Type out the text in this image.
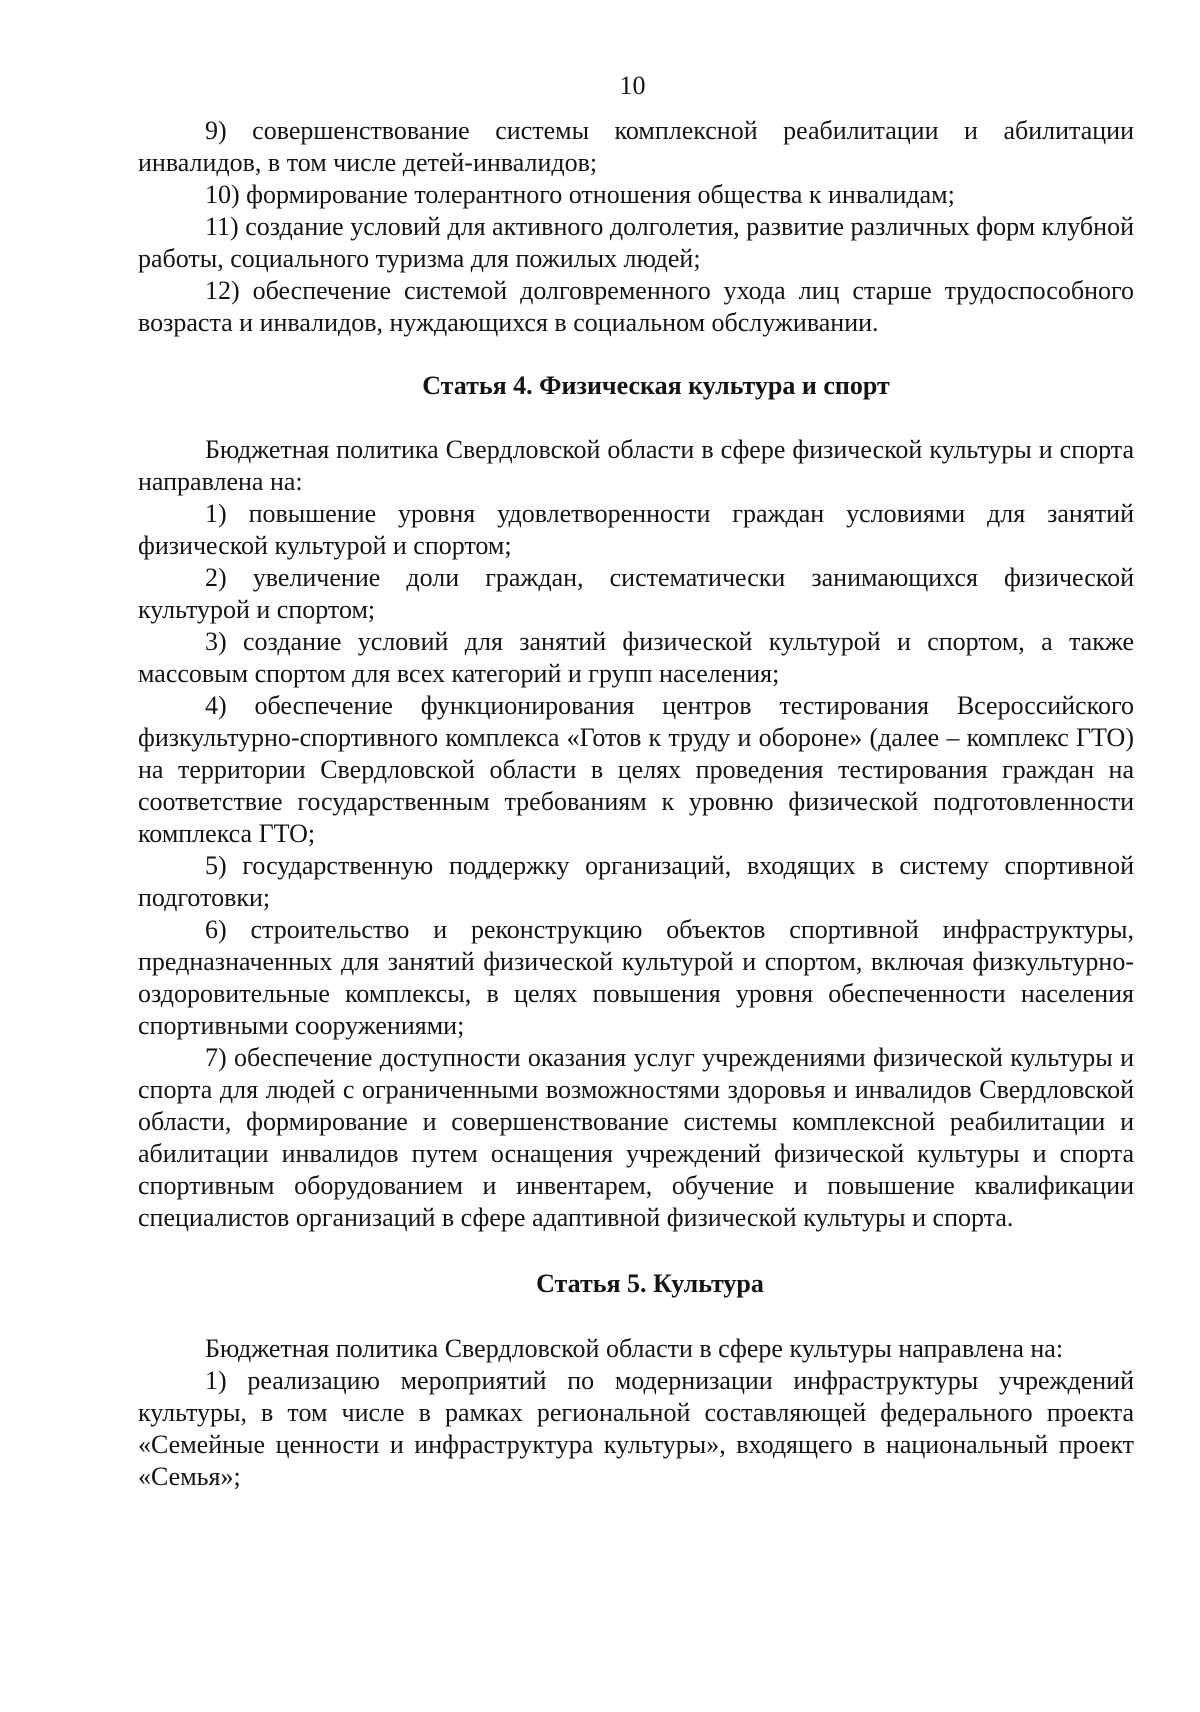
10

9) совершенствование системы комплексной реабилитации и абилитации инвалидов, в том числе детей-инвалидов;

10) формирование толерантного отношения общества к инвалидам;

11) создание условий для активного долголетия, развитие различных форм клубной работы, социального туризма для пожилых людей;

12) обеспечение системой долговременного ухода лиц старше трудоспособного возраста и инвалидов, нуждающихся в социальном обслуживании.

Статья 4. Физическая культура и спорт

Бюджетная политика Свердловской области в сфере физической культуры и спорта направлена на:

1) повышение уровня удовлетворенности граждан условиями для занятий физической культурой и спортом;

2) увеличение доли граждан, систематически занимающихся физической культурой и спортом;

3) создание условий для занятий физической культурой и спортом, а также массовым спортом для всех категорий и групп населения;

4) обеспечение функционирования центров тестирования Всероссийского физкультурно-спортивного комплекса «Готов к труду и обороне» (далее – комплекс ГТО) на территории Свердловской области в целях проведения тестирования граждан на соответствие государственным требованиям к уровню физической подготовленности комплекса ГТО;

5) государственную поддержку организаций, входящих в систему спортивной подготовки;

6) строительство и реконструкцию объектов спортивной инфраструктуры, предназначенных для занятий физической культурой и спортом, включая физкультурно-оздоровительные комплексы, в целях повышения уровня обеспеченности населения спортивными сооружениями;

7) обеспечение доступности оказания услуг учреждениями физической культуры и спорта для людей с ограниченными возможностями здоровья и инвалидов Свердловской области, формирование и совершенствование системы комплексной реабилитации и абилитации инвалидов путем оснащения учреждений физической культуры и спорта спортивным оборудованием и инвентарем, обучение и повышение квалификации специалистов организаций в сфере адаптивной физической культуры и спорта.

Статья 5. Культура

Бюджетная политика Свердловской области в сфере культуры направлена на:

1) реализацию мероприятий по модернизации инфраструктуры учреждений культуры, в том числе в рамках региональной составляющей федерального проекта «Семейные ценности и инфраструктура культуры», входящего в национальный проект «Семья»;
